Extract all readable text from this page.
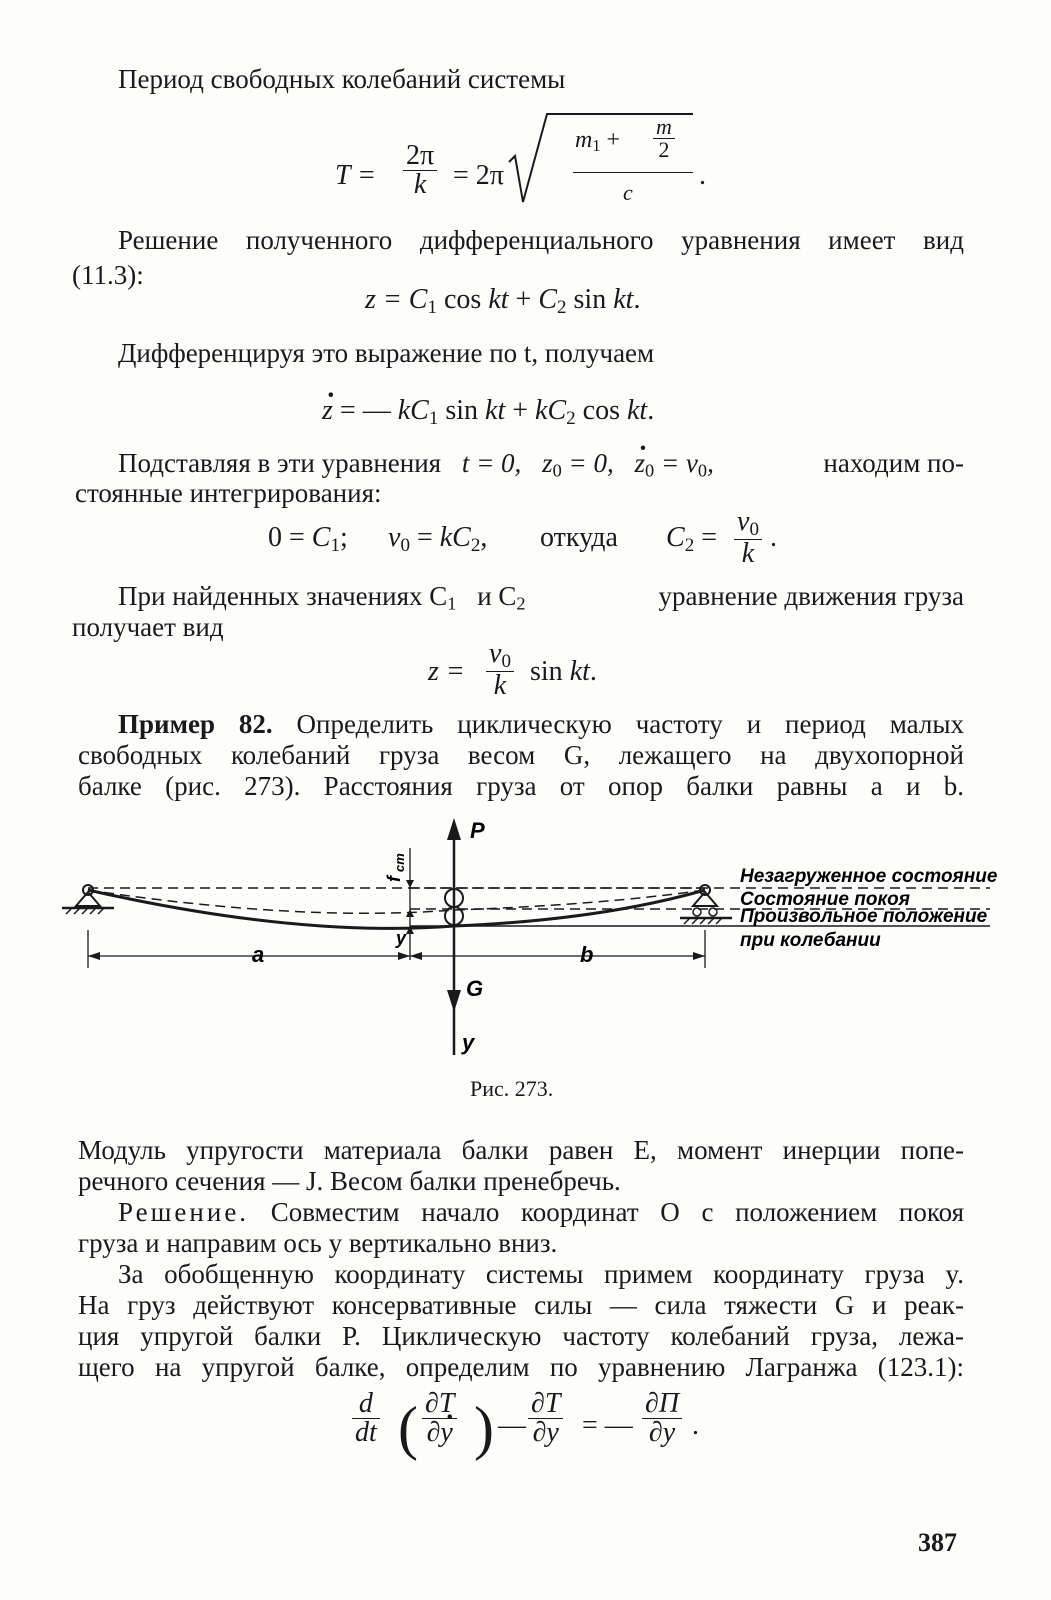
Период свободных колебаний системы
$T = \frac{2\pi}{k} = 2\pi$
$m_1 + \frac{m}{2}$
c
.
Решение полученного дифференциального уравнения имеет вид
(11.3):
$z = C_1$ cos kt + $C_2$ sin kt.
Дифференцируя это выражение по t, получаем
· z = — $kC_1$ sin kt + $kC_2$ cos kt.
Подставляя в эти уравнения t = 0, $z_0 = 0$, · $z_0 = v_0$,	находим по-
стоянные интегрирования:
$0 = C_1$; $v_0 = kC_2$, откуда $C_2 = \frac{v_0}{k}$ .
При найденных значениях $C_1$ и $C_2$	уравнение движения груза
получает вид
$z = \frac{v_0}{k}$ sin kt.
Пример 82. Определить циклическую частоту и период малых
свободных колебаний груза весом G, лежащего на двухопорной
балке (рис. 273). Расстояния груза от опор балки равны a и b.
P
G
y
a	b
y
f
ст
Незагруженное состояние
Состояние покоя
Произвольное положение
при колебании
Рис. 273.
Модуль упругости материала балки равен E, момент инерции попе-
речного сечения — J. Весом балки пренебречь.
Решение. Совместим начало координат O с положением покоя
груза и направим ось y вертикально вниз.
За обобщенную координату системы примем координату груза y.
На груз действуют консервативные силы — сила тяжести G и реак-
ция упругой балки P. Циклическую частоту колебаний груза, лежа-
щего на упругой балке, определим по уравнению Лагранжа (123.1):
$\frac{d}{dt}$ ( $\frac{\partial T}{\partial\cdot y}$ ) — $\frac{\partial T}{\partial y}$ = — $\frac{\partial\Pi}{\partial y}$ .
387
